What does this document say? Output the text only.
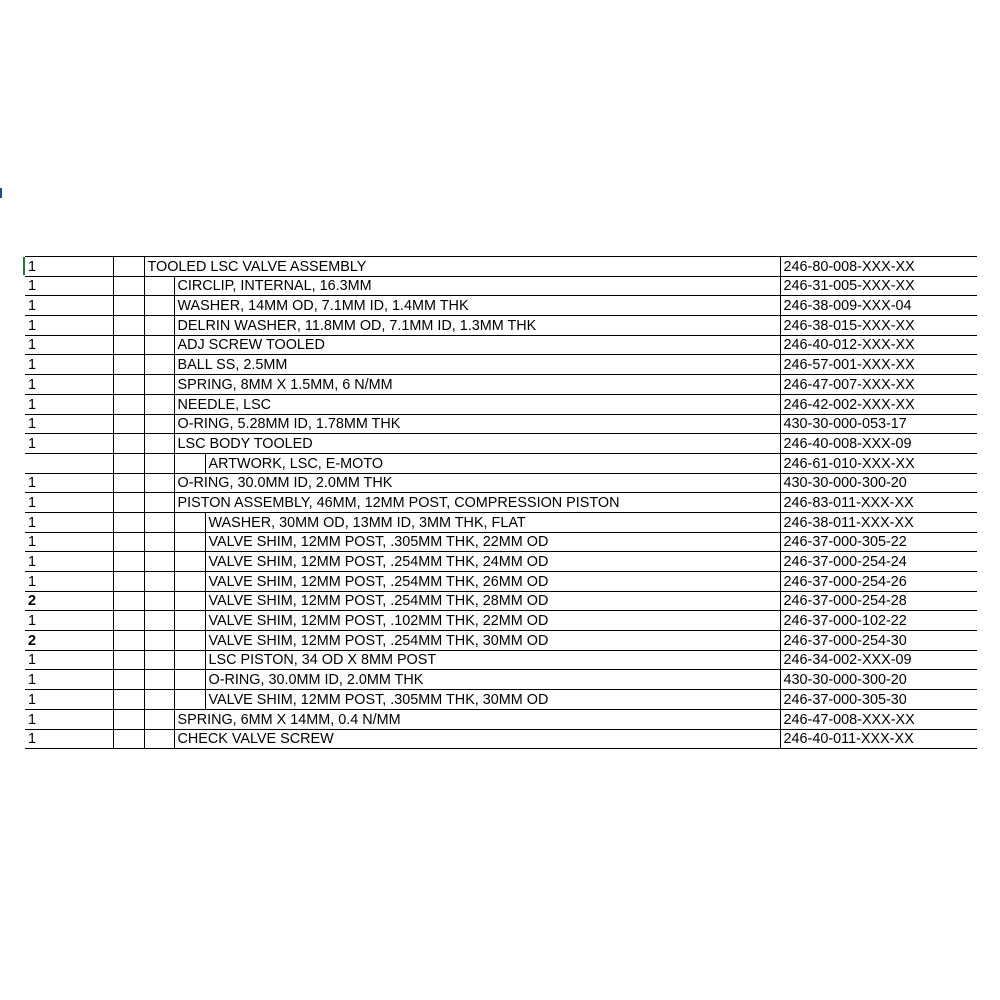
1		TOOLED LSC VALVE ASSEMBLY			246-80-008-XXX-XX
1			CIRCLIP, INTERNAL, 16.3MM		246-31-005-XXX-XX
1			WASHER, 14MM OD, 7.1MM ID, 1.4MM THK		246-38-009-XXX-04
1			DELRIN WASHER, 11.8MM OD, 7.1MM ID, 1.3MM THK		246-38-015-XXX-XX
1			ADJ SCREW TOOLED		246-40-012-XXX-XX
1			BALL SS, 2.5MM		246-57-001-XXX-XX
1			SPRING, 8MM X 1.5MM, 6 N/MM		246-47-007-XXX-XX
1			NEEDLE, LSC		246-42-002-XXX-XX
1			O-RING, 5.28MM ID, 1.78MM THK		430-30-000-053-17
1			LSC BODY TOOLED		246-40-008-XXX-09
				ARTWORK, LSC, E-MOTO	246-61-010-XXX-XX
1			O-RING, 30.0MM ID, 2.0MM THK		430-30-000-300-20
1			PISTON ASSEMBLY, 46MM, 12MM POST, COMPRESSION PISTON		246-83-011-XXX-XX
1				WASHER, 30MM OD, 13MM ID, 3MM THK, FLAT	246-38-011-XXX-XX
1				VALVE SHIM, 12MM POST, .305MM THK, 22MM OD	246-37-000-305-22
1				VALVE SHIM, 12MM POST, .254MM THK, 24MM OD	246-37-000-254-24
1				VALVE SHIM, 12MM POST, .254MM THK, 26MM OD	246-37-000-254-26
2				VALVE SHIM, 12MM POST, .254MM THK, 28MM OD	246-37-000-254-28
1				VALVE SHIM, 12MM POST, .102MM THK, 22MM OD	246-37-000-102-22
2				VALVE SHIM, 12MM POST, .254MM THK, 30MM OD	246-37-000-254-30
1				LSC PISTON, 34 OD X 8MM POST	246-34-002-XXX-09
1				O-RING, 30.0MM ID, 2.0MM THK	430-30-000-300-20
1				VALVE SHIM, 12MM POST, .305MM THK, 30MM OD	246-37-000-305-30
1			SPRING, 6MM X 14MM, 0.4 N/MM		246-47-008-XXX-XX
1			CHECK VALVE SCREW		246-40-011-XXX-XX
